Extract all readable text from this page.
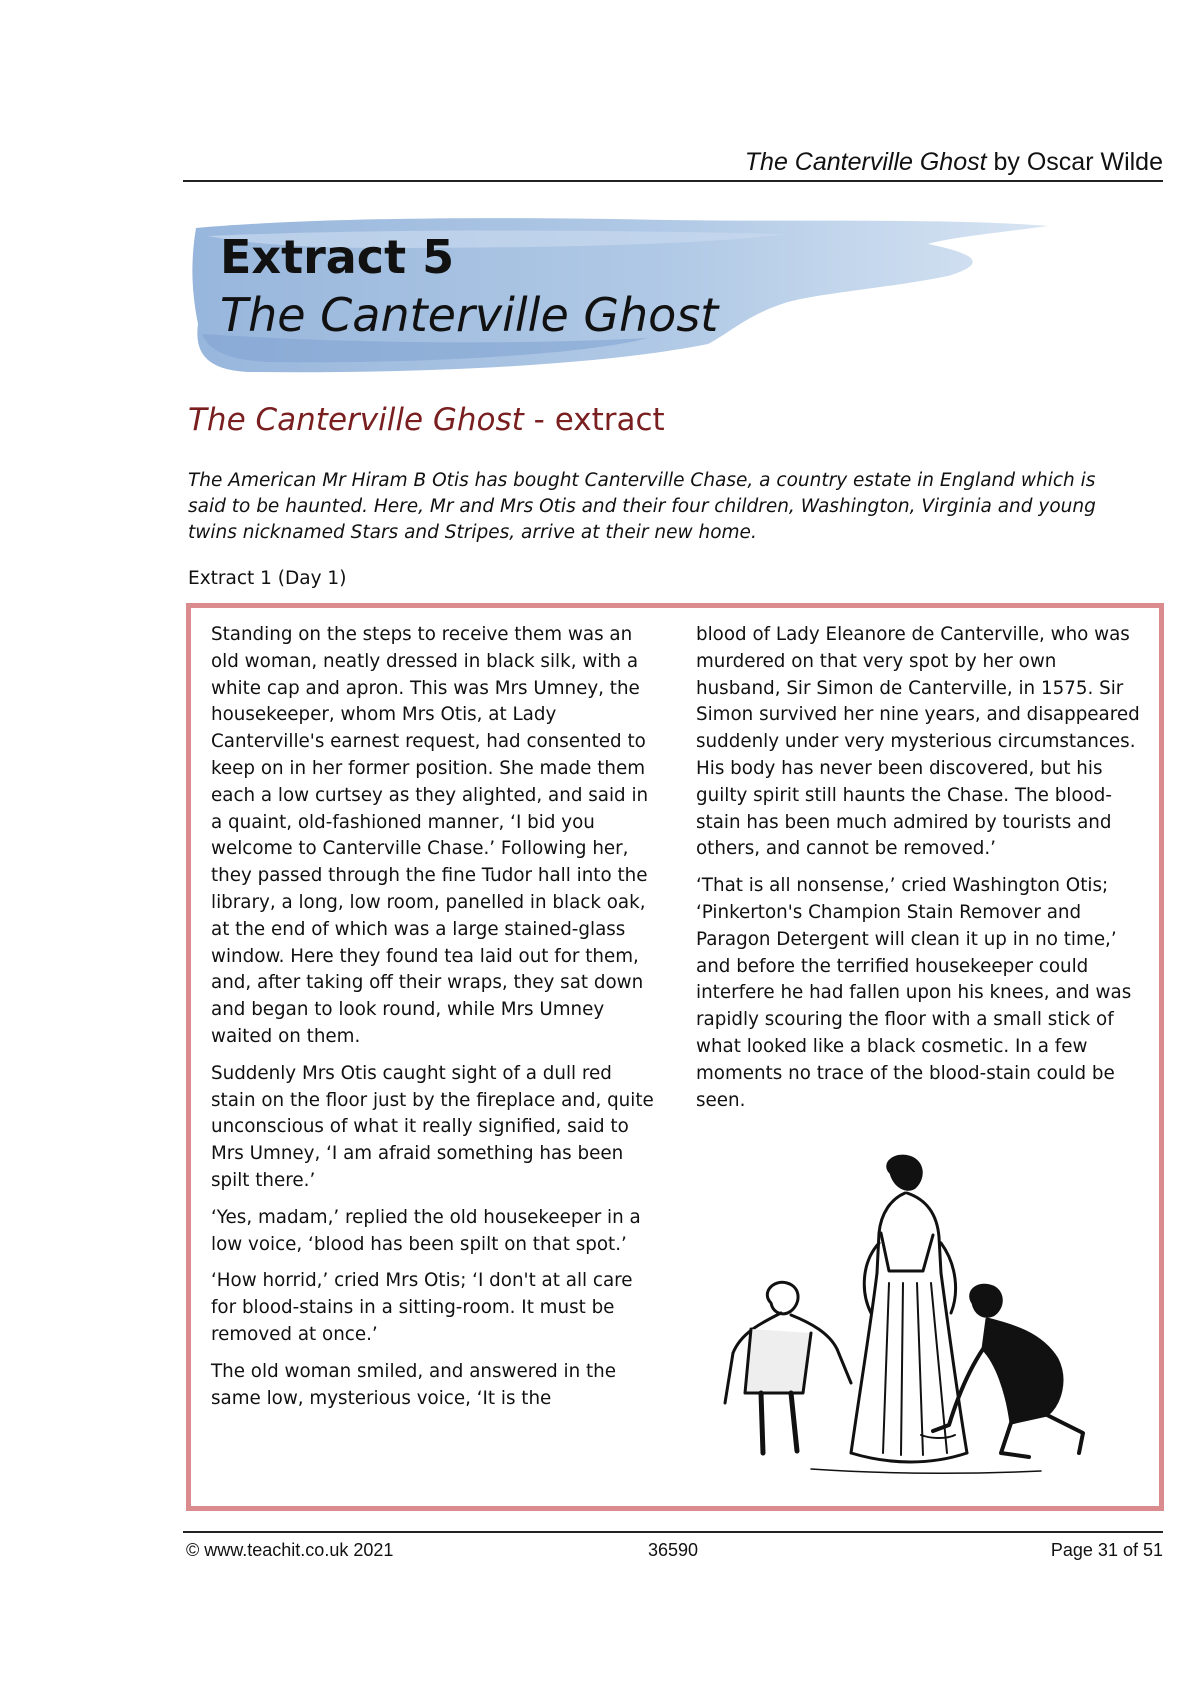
The Canterville Ghost by Oscar Wilde
Extract 5
The Canterville Ghost
The Canterville Ghost - extract
The American Mr Hiram B Otis has bought Canterville Chase, a country estate in England which is said to be haunted. Here, Mr and Mrs Otis and their four children, Washington, Virginia and young twins nicknamed Stars and Stripes, arrive at their new home.
Extract 1 (Day 1)

Standing on the steps to receive them was an old woman, neatly dressed in black silk, with a white cap and apron. This was Mrs Umney, the housekeeper, whom Mrs Otis, at Lady Canterville's earnest request, had consented to keep on in her former position. She made them each a low curtsey as they alighted, and said in a quaint, old-fashioned manner, ‘I bid you welcome to Canterville Chase.’ Following her, they passed through the fine Tudor hall into the library, a long, low room, panelled in black oak, at the end of which was a large stained-glass window. Here they found tea laid out for them, and, after taking off their wraps, they sat down and began to look round, while Mrs Umney waited on them.

Suddenly Mrs Otis caught sight of a dull red stain on the floor just by the fireplace and, quite unconscious of what it really signified, said to Mrs Umney, ‘I am afraid something has been spilt there.’

‘Yes, madam,’ replied the old housekeeper in a low voice, ‘blood has been spilt on that spot.’

‘How horrid,’ cried Mrs Otis; ‘I don't at all care for blood-stains in a sitting-room. It must be removed at once.’

The old woman smiled, and answered in the same low, mysterious voice, ‘It is the

blood of Lady Eleanore de Canterville, who was murdered on that very spot by her own husband, Sir Simon de Canterville, in 1575. Sir Simon survived her nine years, and disappeared suddenly under very mysterious circumstances. His body has never been discovered, but his guilty spirit still haunts the Chase. The blood-stain has been much admired by tourists and others, and cannot be removed.’

‘That is all nonsense,’ cried Washington Otis; ‘Pinkerton's Champion Stain Remover and Paragon Detergent will clean it up in no time,’ and before the terrified housekeeper could interfere he had fallen upon his knees, and was rapidly scouring the floor with a small stick of what looked like a black cosmetic. In a few moments no trace of the blood-stain could be seen.

© www.teachit.co.uk 2021	36590	Page 31 of 51
